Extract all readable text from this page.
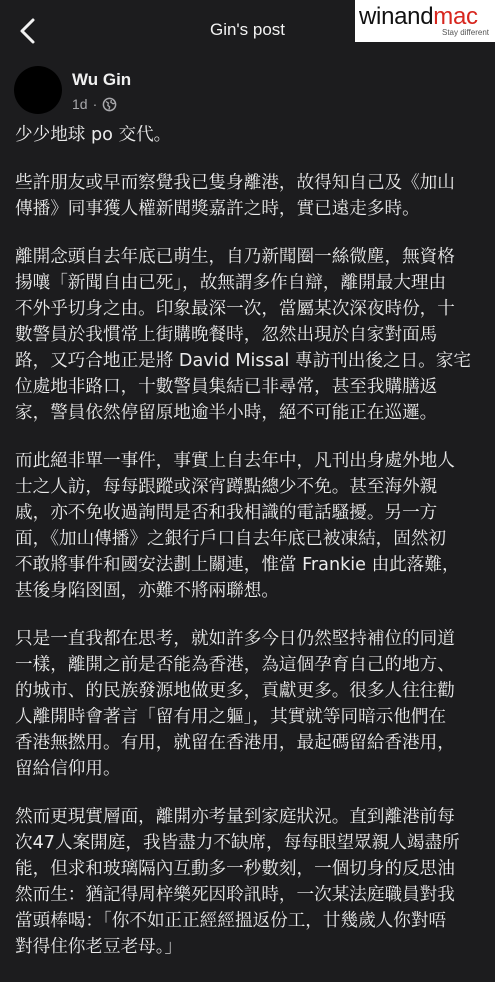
Gin's post	winandmac
Stay different
Wu Gin
1d ·

少少地球 po 交代。

些許朋友或早而察覺我已隻身離港，故得知自己及《加山
傳播》同事獲人權新聞獎嘉許之時，實已遠走多時。

離開念頭自去年底已萌生，自乃新聞圈一絲微塵，無資格
揚嚷「新聞自由已死」，故無謂多作自辯，離開最大理由
不外乎切身之由。印象最深一次，當屬某次深夜時份，十
數警員於我慣常上街購晚餐時，忽然出現於自家對面馬
路，又巧合地正是將 David Missal 專訪刊出後之日。家宅
位處地非路口，十數警員集結已非尋常，甚至我購膳返
家，警員依然停留原地逾半小時，絕不可能正在巡邏。

而此絕非單一事件，事實上自去年中，凡刊出身處外地人
士之人訪，每每跟蹤或深宵蹲點總少不免。甚至海外親
戚，亦不免收過詢問是否和我相識的電話騷擾。另一方
面，《加山傳播》之銀行戶口自去年底已被凍結，固然初
不敢將事件和國安法劃上關連，惟當 Frankie 由此落難，
甚後身陷囹圄，亦難不將兩聯想。

只是一直我都在思考，就如許多今日仍然堅持補位的同道
一樣，離開之前是否能為香港，為這個孕育自己的地方、
的城市、的民族發源地做更多，貢獻更多。很多人往往勸
人離開時會著言「留有用之軀」，其實就等同暗示他們在
香港無撚用。有用，就留在香港用，最起碼留給香港用，
留給信仰用。

然而更現實層面，離開亦考量到家庭狀況。直到離港前每
次47人案開庭，我皆盡力不缺席，每每眼望眾親人竭盡所
能，但求和玻璃隔內互動多一秒數刻，一個切身的反思油
然而生：猶記得周梓樂死因聆訊時，一次某法庭職員對我
當頭棒喝：「你不如正正經經搵返份工，廿幾歲人你對唔
對得住你老豆老母。」
